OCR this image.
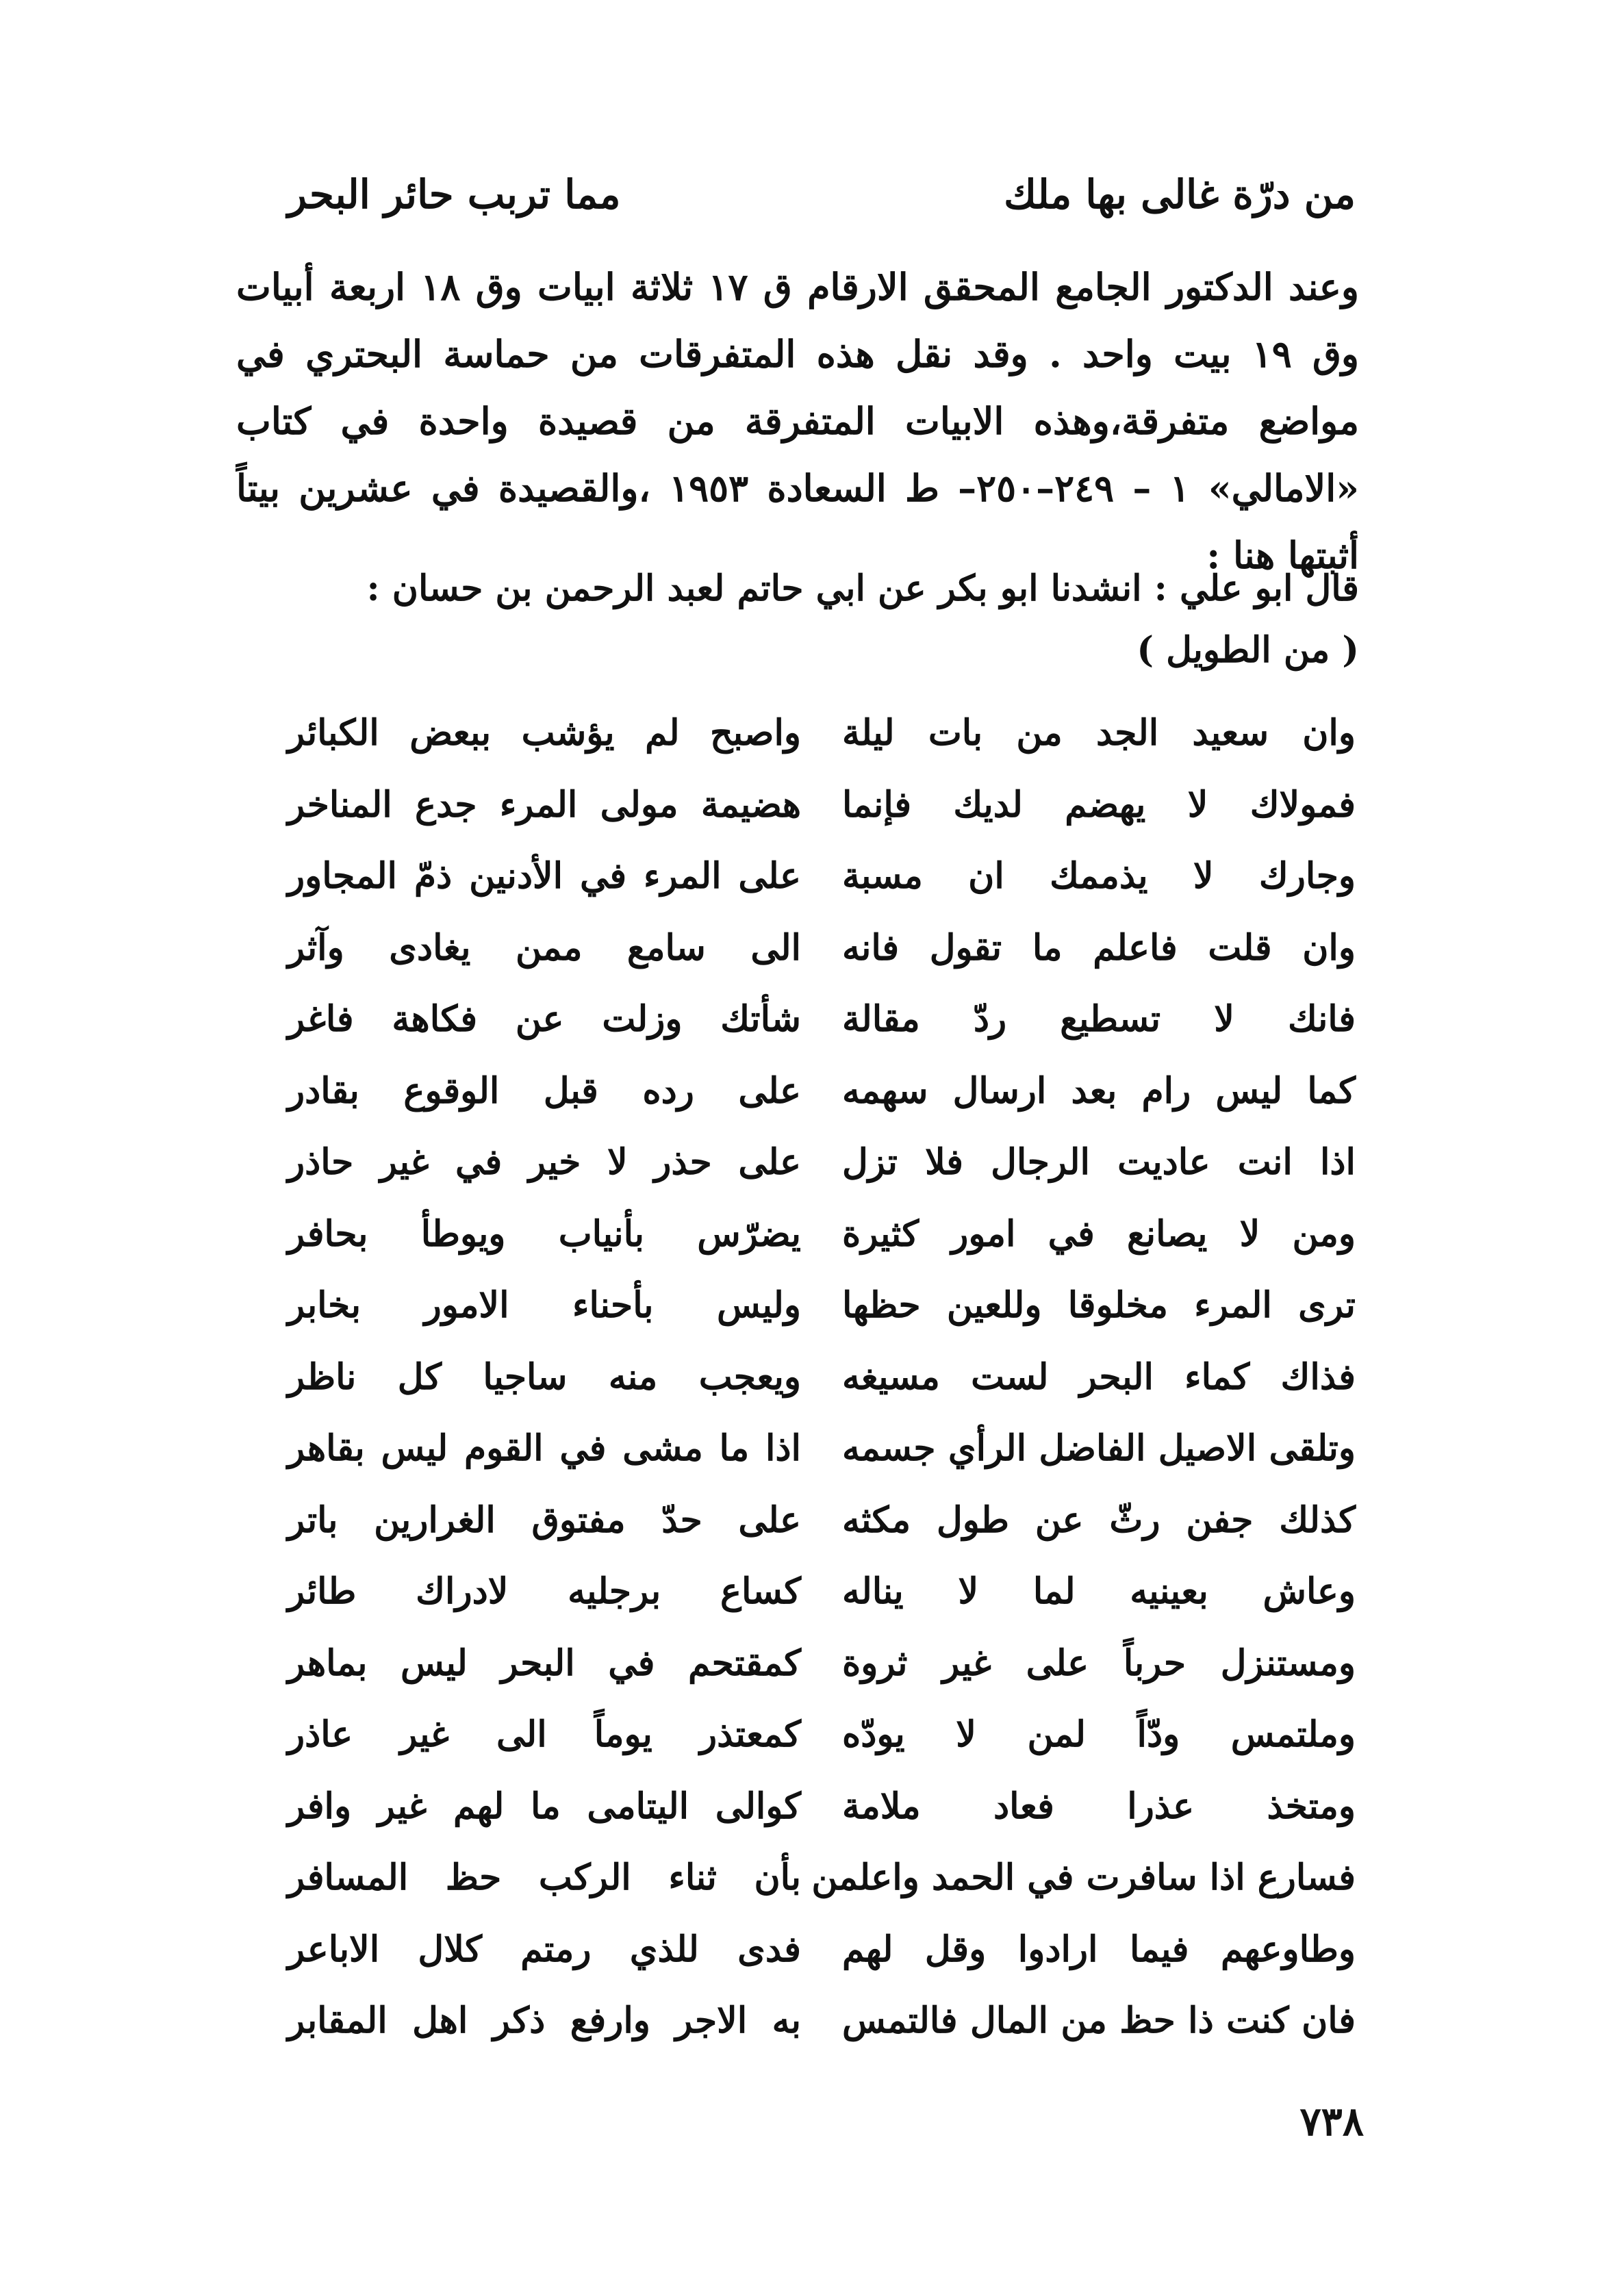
من درّة غالى بها ملك
مما تربب حائر البحر

وعند الدكتور الجامع المحقق الارقام ق ١٧ ثلاثة ابيات وق ١٨ اربعة أبيات وق ١٩ بيت واحد . وقد نقل هذه المتفرقات من حماسة البحتري في مواضع متفرقة،وهذه الابيات المتفرقة من قصيدة واحدة في كتاب «الامالي» ١ – ٢٤٩–٢٥٠– ط السعادة ١٩٥٣ ،والقصيدة في عشرين بيتاً أثبتها هنا :

قال ابو علي : انشدنا ابو بكر عن ابي حاتم لعبد الرحمن بن حسان :

( من الطويل )
وان سعيد الجد من بات ليلة
واصبح لم يؤشب ببعض الكبائر
فمولاك لا يهضم لديك فإنما
هضيمة مولى المرء جدع المناخر
وجارك لا يذممك ان مسبة
على المرء في الأدنين ذمّ المجاور
وان قلت فاعلم ما تقول فانه
الى سامع ممن يغادى وآثر
فانك لا تسطيع ردّ مقالة
شأتك وزلت عن فكاهة فاغر
كما ليس رام بعد ارسال سهمه
على رده قبل الوقوع بقادر
اذا انت عاديت الرجال فلا تزل
على حذر لا خير في غير حاذر
ومن لا يصانع في امور كثيرة
يضرّس بأنياب ويوطأ بحافر
ترى المرء مخلوقا وللعين حظها
وليس بأحناء الامور بخابر
فذاك كماء البحر لست مسيغه
ويعجب منه ساجيا كل ناظر
وتلقى الاصيل الفاضل الرأي جسمه
اذا ما مشى في القوم ليس بقاهر
كذلك جفن رثّ عن طول مكثه
على حدّ مفتوق الغرارين باتر
وعاش بعينيه لما لا يناله
كساع برجليه لادراك طائر
ومستنزل حرباً على غير ثروة
كمقتحم في البحر ليس بماهر
وملتمس ودّاً لمن لا يودّه
كمعتذر يوماً الى غير عاذر
ومتخذ عذرا فعاد ملامة
كوالى اليتامى ما لهم غير وافر
فسارع اذا سافرت في الحمد واعلمن
بأن ثناء الركب حظ المسافر
وطاوعهم فيما ارادوا وقل لهم
فدى للذي رمتم كلال الاباعر
فان كنت ذا حظ من المال فالتمس
به الاجر وارفع ذكر اهل المقابر
٧٣٨
